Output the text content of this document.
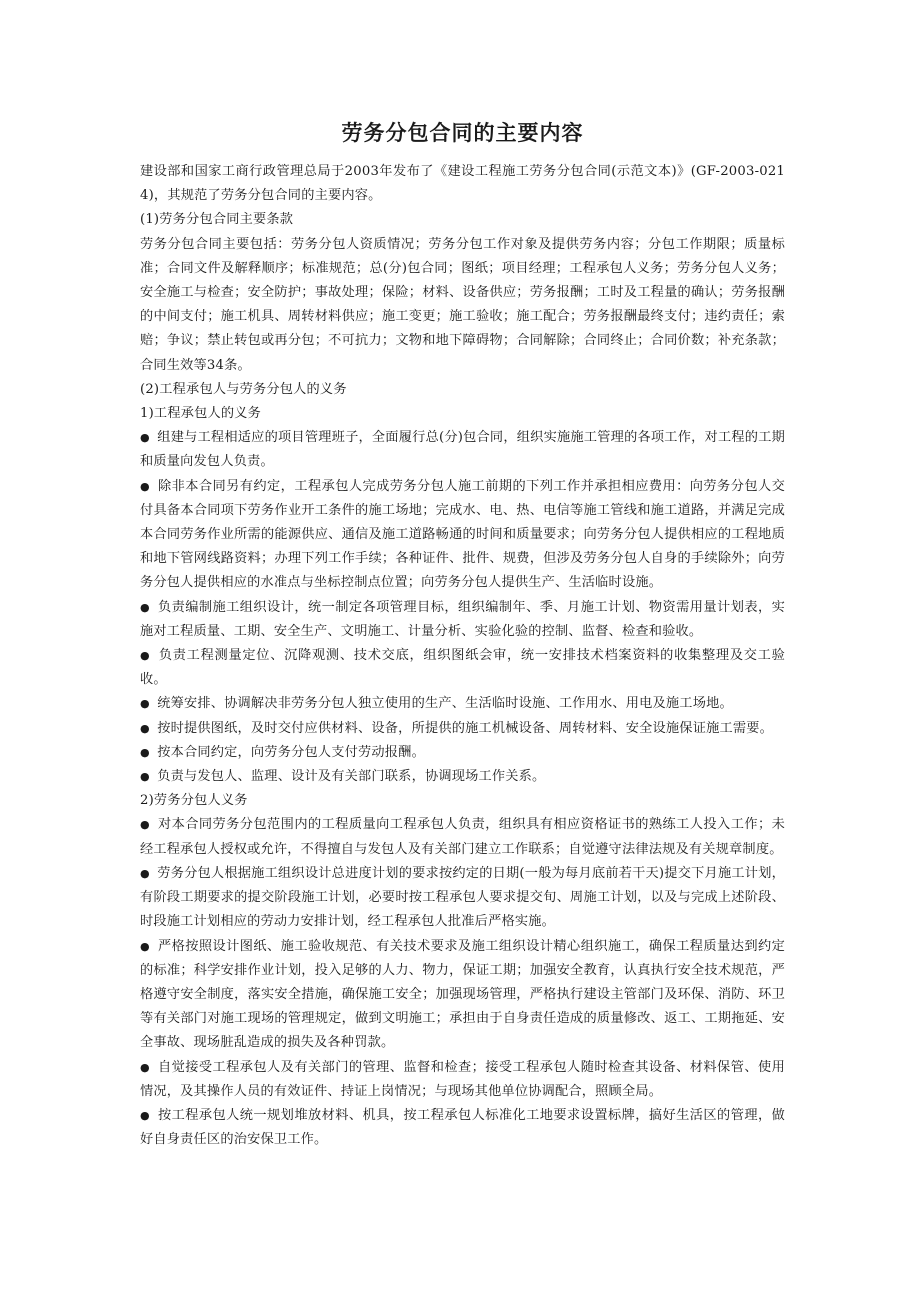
劳务分包合同的主要内容

建设部和国家工商行政管理总局于2003年发布了《建设工程施工劳务分包合同(示范文本)》(GF-2003-0214)，其规范了劳务分包合同的主要内容。

(1)劳务分包合同主要条款

劳务分包合同主要包括：劳务分包人资质情况；劳务分包工作对象及提供劳务内容；分包工作期限；质量标准；合同文件及解释顺序；标准规范；总(分)包合同；图纸；项目经理；工程承包人义务；劳务分包人义务；安全施工与检查；安全防护；事故处理；保险；材料、设备供应；劳务报酬；工时及工程量的确认；劳务报酬的中间支付；施工机具、周转材料供应；施工变更；施工验收；施工配合；劳务报酬最终支付；违约责任；索赔；争议；禁止转包或再分包；不可抗力；文物和地下障碍物；合同解除；合同终止；合同价数；补充条款；合同生效等34条。

(2)工程承包人与劳务分包人的义务

1)工程承包人的义务

●  组建与工程相适应的项目管理班子，全面履行总(分)包合同，组织实施施工管理的各项工作，对工程的工期和质量向发包人负责。

●  除非本合同另有约定，工程承包人完成劳务分包人施工前期的下列工作并承担相应费用：向劳务分包人交付具备本合同项下劳务作业开工条件的施工场地；完成水、电、热、电信等施工管线和施工道路，并满足完成本合同劳务作业所需的能源供应、通信及施工道路畅通的时间和质量要求；向劳务分包人提供相应的工程地质和地下管网线路资料；办理下列工作手续；各种证件、批件、规费，但涉及劳务分包人自身的手续除外；向劳务分包人提供相应的水准点与坐标控制点位置；向劳务分包人提供生产、生活临时设施。

●  负责编制施工组织设计，统一制定各项管理目标，组织编制年、季、月施工计划、物资需用量计划表，实施对工程质量、工期、安全生产、文明施工、计量分析、实验化验的控制、监督、检查和验收。

●  负责工程测量定位、沉降观测、技术交底，组织图纸会审，统一安排技术档案资料的收集整理及交工验收。

●  统筹安排、协调解决非劳务分包人独立使用的生产、生活临时设施、工作用水、用电及施工场地。

●  按时提供图纸，及时交付应供材料、设备，所提供的施工机械设备、周转材料、安全设施保证施工需要。

●  按本合同约定，向劳务分包人支付劳动报酬。

●  负责与发包人、监理、设计及有关部门联系，协调现场工作关系。

2)劳务分包人义务

●  对本合同劳务分包范围内的工程质量向工程承包人负责，组织具有相应资格证书的熟练工人投入工作；未经工程承包人授权或允许，不得擅自与发包人及有关部门建立工作联系；自觉遵守法律法规及有关规章制度。

●  劳务分包人根据施工组织设计总进度计划的要求按约定的日期(一般为每月底前若干天)提交下月施工计划，有阶段工期要求的提交阶段施工计划，必要时按工程承包人要求提交旬、周施工计划，以及与完成上述阶段、时段施工计划相应的劳动力安排计划，经工程承包人批准后严格实施。

●  严格按照设计图纸、施工验收规范、有关技术要求及施工组织设计精心组织施工，确保工程质量达到约定的标准；科学安排作业计划，投入足够的人力、物力，保证工期；加强安全教育，认真执行安全技术规范，严格遵守安全制度，落实安全措施，确保施工安全；加强现场管理，严格执行建设主管部门及环保、消防、环卫等有关部门对施工现场的管理规定，做到文明施工；承担由于自身责任造成的质量修改、返工、工期拖延、安全事故、现场脏乱造成的损失及各种罚款。

●  自觉接受工程承包人及有关部门的管理、监督和检查；接受工程承包人随时检查其设备、材料保管、使用情况，及其操作人员的有效证件、持证上岗情况；与现场其他单位协调配合，照顾全局。

●  按工程承包人统一规划堆放材料、机具，按工程承包人标准化工地要求设置标牌，搞好生活区的管理，做好自身责任区的治安保卫工作。
